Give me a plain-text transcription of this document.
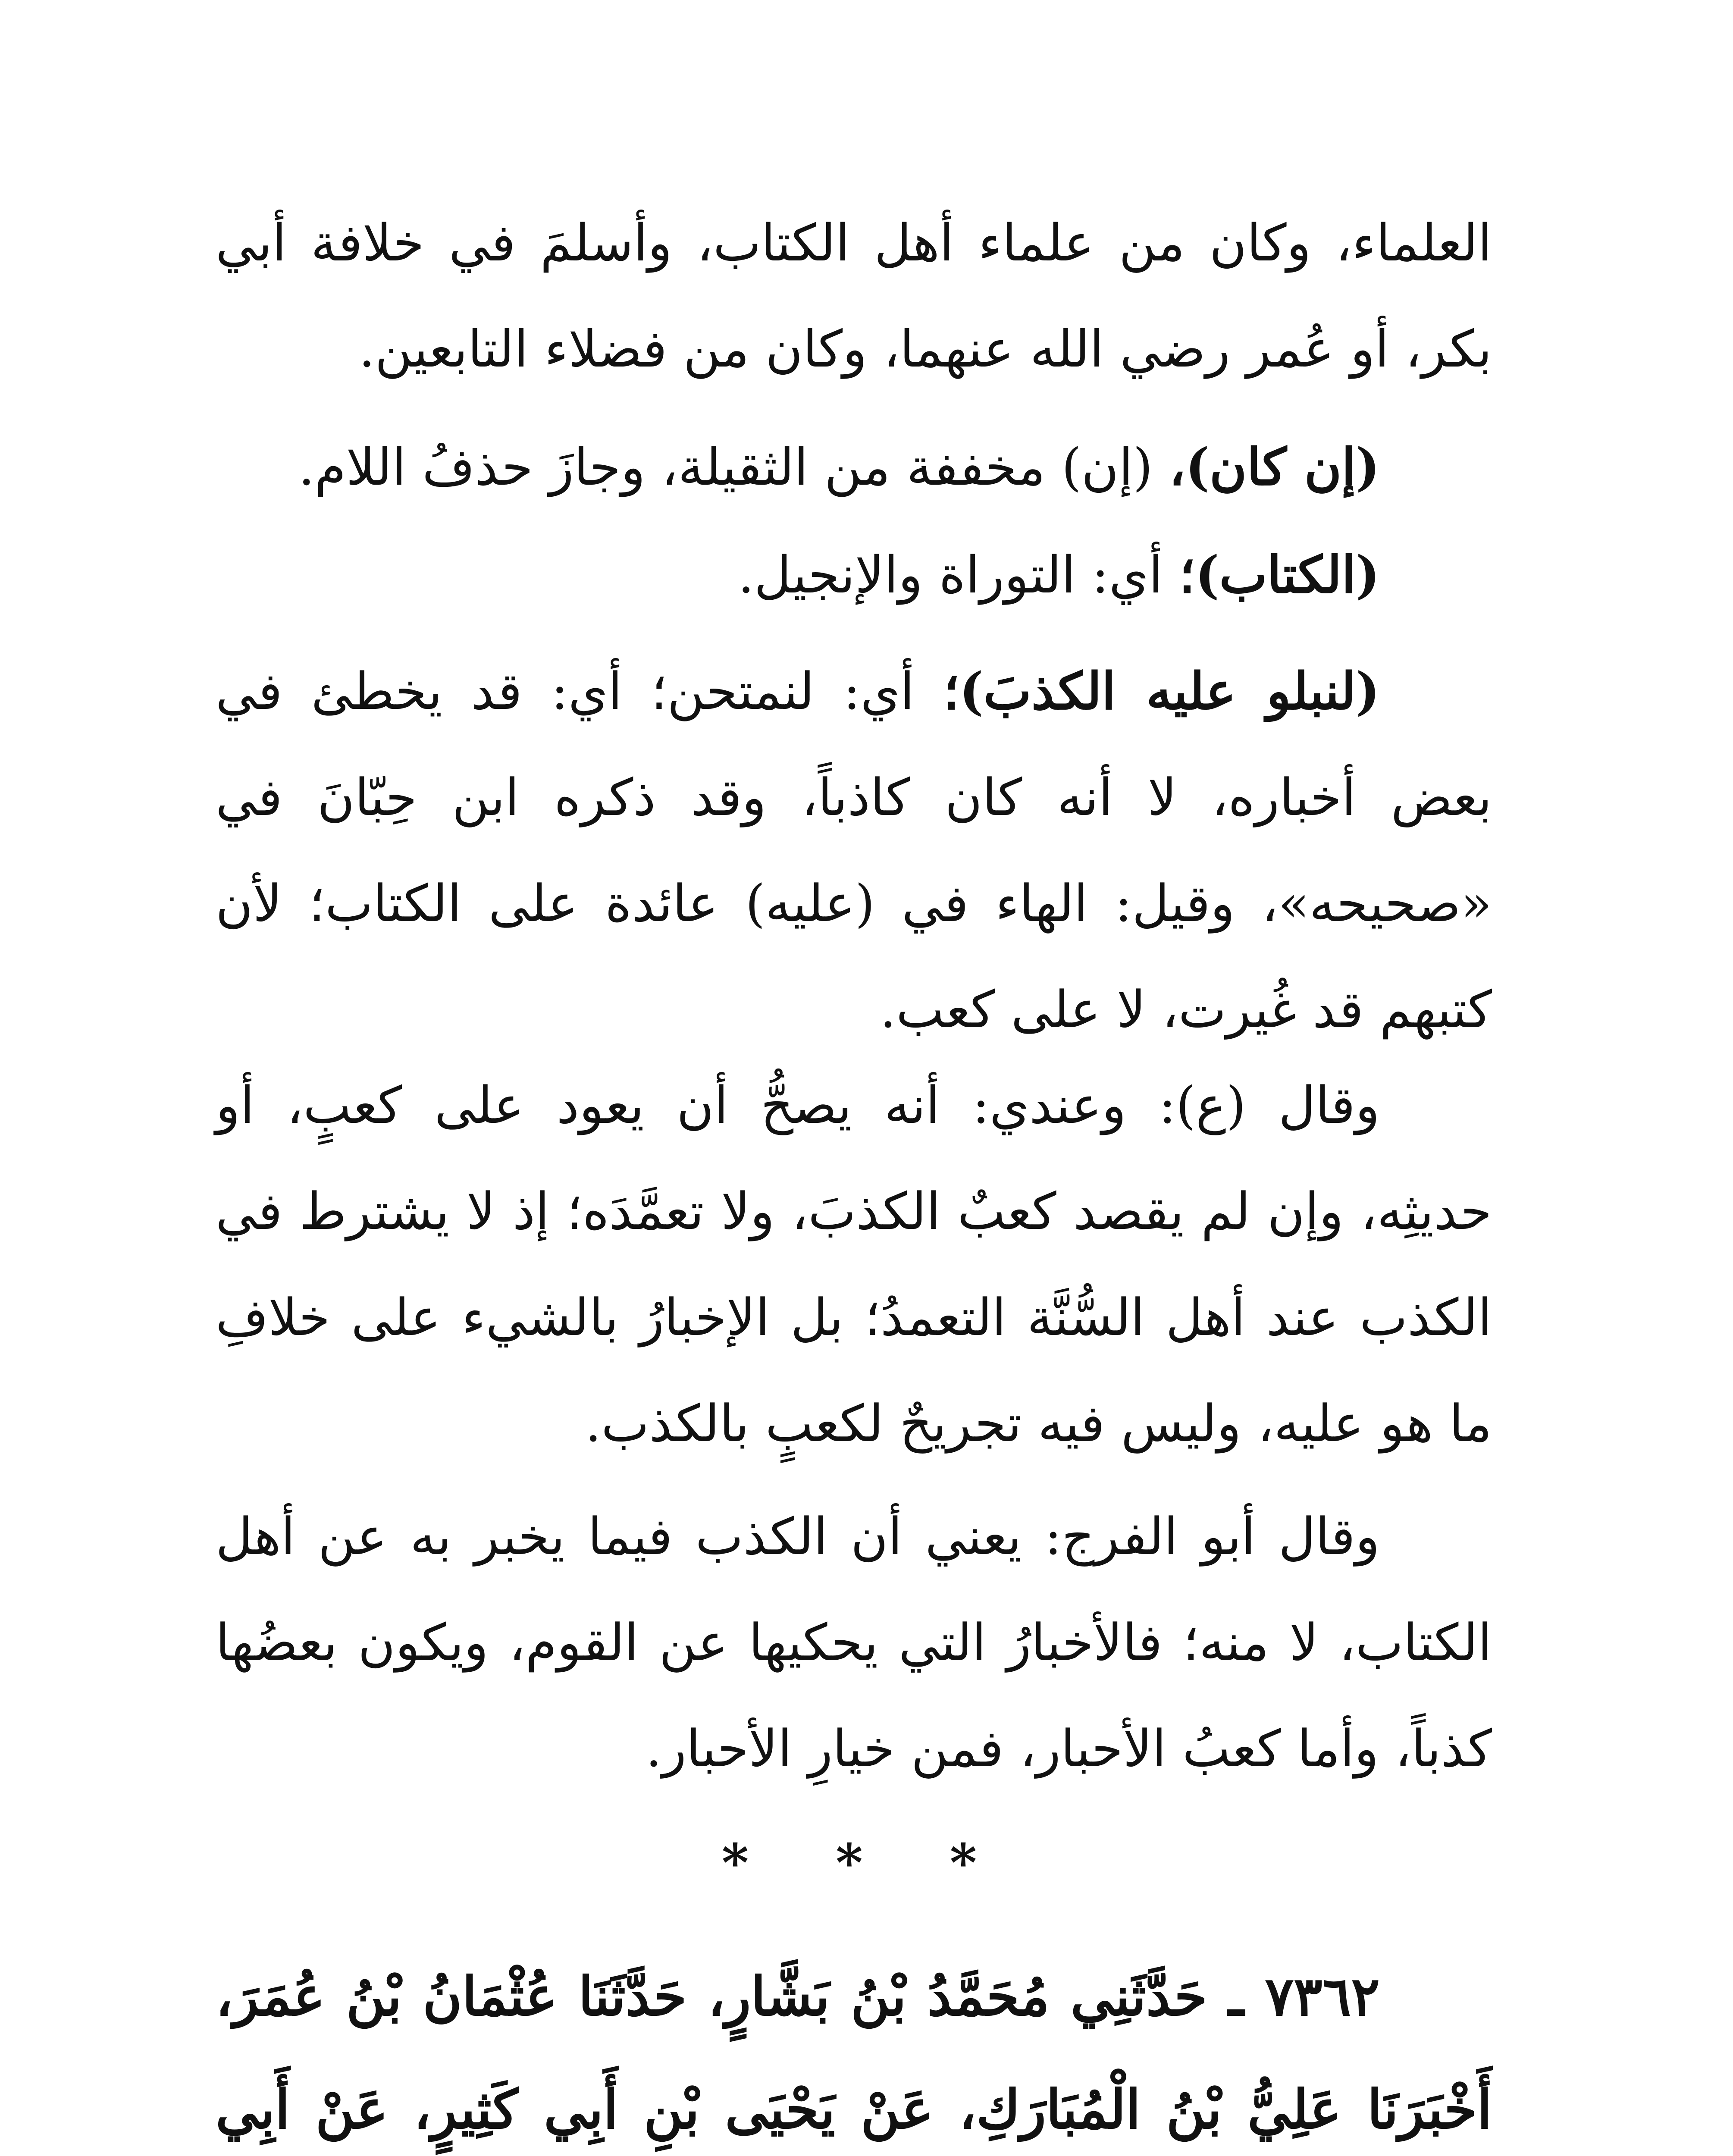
العلماء، وكان من علماء أهل الكتاب، وأسلمَ في خلافة أبي بكر، أو عُمر رضي الله عنهما، وكان من فضلاء التابعين.

(إن كان)، (إن) مخففة من الثقيلة، وجازَ حذفُ اللام.

(الكتاب)؛ أي: التوراة والإنجيل.

(لنبلو عليه الكذبَ)؛ أي: لنمتحن؛ أي: قد يخطئ في بعض أخباره، لا أنه كان كاذباً، وقد ذكره ابن حِبّانَ في «صحيحه»، وقيل: الهاء في (عليه) عائدة على الكتاب؛ لأن كتبهم قد غُيرت، لا على كعب.

وقال (ع): وعندي: أنه يصحُّ أن يعود على كعبٍ، أو حديثِه، وإن لم يقصد كعبٌ الكذبَ، ولا تعمَّدَه؛ إذ لا يشترط في الكذب عند أهل السُّنَّة التعمدُ؛ بل الإخبارُ بالشيء على خلافِ ما هو عليه، وليس فيه تجريحٌ لكعبٍ بالكذب.

وقال أبو الفرج: يعني أن الكذب فيما يخبر به عن أهل الكتاب، لا منه؛ فالأخبارُ التي يحكيها عن القوم، ويكون بعضُها كذباً، وأما كعبُ الأحبار، فمن خيارِ الأحبار.

* * *

٧٣٦٢ ـ حَدَّثَنِي مُحَمَّدُ بْنُ بَشَّارٍ، حَدَّثَنَا عُثْمَانُ بْنُ عُمَرَ، أَخْبَرَنَا عَلِيُّ بْنُ الْمُبَارَكِ، عَنْ يَحْيَى بْنِ أَبِي كَثِيرٍ، عَنْ أَبِي
